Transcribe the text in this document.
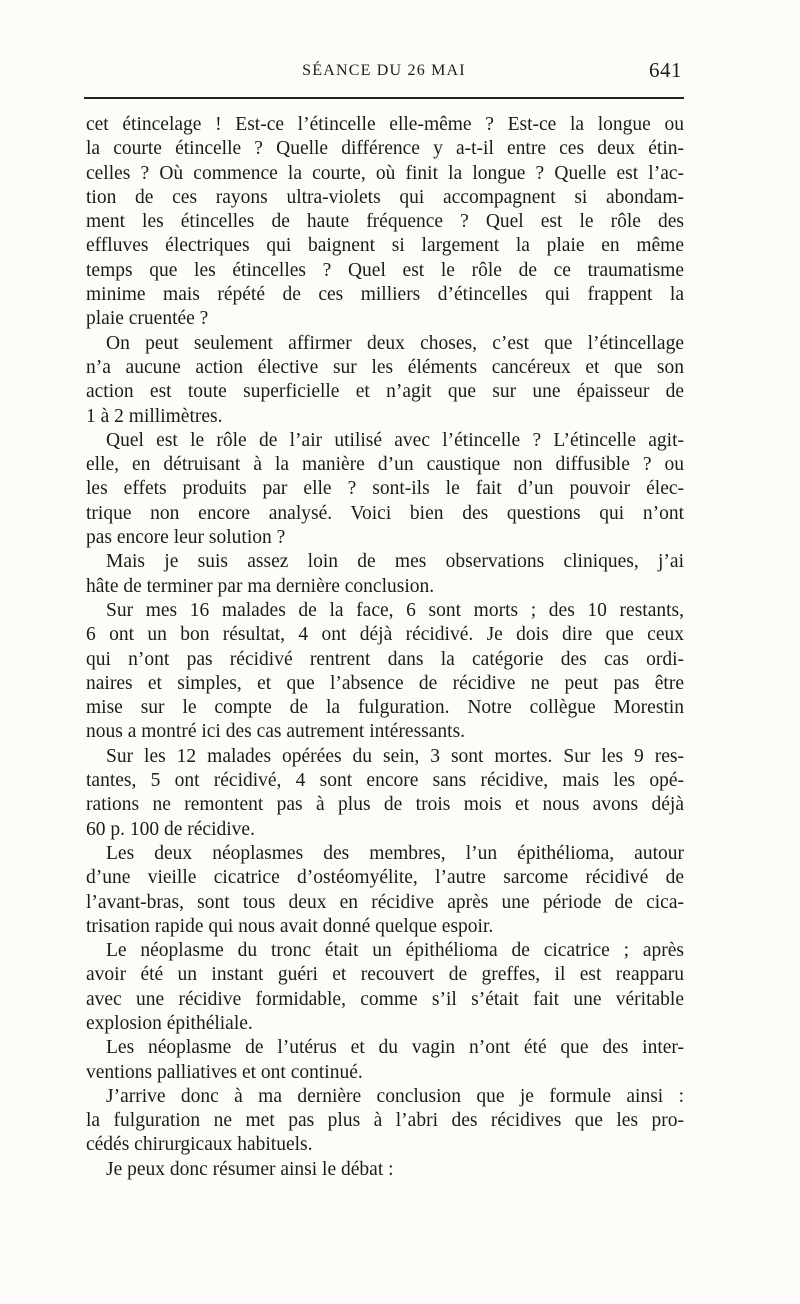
SÉANCE DU 26 MAI	641
cet étincelage ! Est-ce l’étincelle elle-même ? Est-ce la longue ou
la courte étincelle ? Quelle différence y a-t-il entre ces deux étin-
celles ? Où commence la courte, où finit la longue ? Quelle est l’ac-
tion de ces rayons ultra-violets qui accompagnent si abondam-
ment les étincelles de haute fréquence ? Quel est le rôle des
effluves électriques qui baignent si largement la plaie en même
temps que les étincelles ? Quel est le rôle de ce traumatisme
minime mais répété de ces milliers d’étincelles qui frappent la
plaie cruentée ?
On peut seulement affirmer deux choses, c’est que l’étincellage
n’a aucune action élective sur les éléments cancéreux et que son
action est toute superficielle et n’agit que sur une épaisseur de
1 à 2 millimètres.
Quel est le rôle de l’air utilisé avec l’étincelle ? L’étincelle agit-
elle, en détruisant à la manière d’un caustique non diffusible ? ou
les effets produits par elle ? sont-ils le fait d’un pouvoir élec-
trique non encore analysé. Voici bien des questions qui n’ont
pas encore leur solution ?
Mais je suis assez loin de mes observations cliniques, j’ai
hâte de terminer par ma dernière conclusion.
Sur mes 16 malades de la face, 6 sont morts ; des 10 restants,
6 ont un bon résultat, 4 ont déjà récidivé. Je dois dire que ceux
qui n’ont pas récidivé rentrent dans la catégorie des cas ordi-
naires et simples, et que l’absence de récidive ne peut pas être
mise sur le compte de la fulguration. Notre collègue Morestin
nous a montré ici des cas autrement intéressants.
Sur les 12 malades opérées du sein, 3 sont mortes. Sur les 9 res-
tantes, 5 ont récidivé, 4 sont encore sans récidive, mais les opé-
rations ne remontent pas à plus de trois mois et nous avons déjà
60 p. 100 de récidive.
Les deux néoplasmes des membres, l’un épithélioma, autour
d’une vieille cicatrice d’ostéomyélite, l’autre sarcome récidivé de
l’avant-bras, sont tous deux en récidive après une période de cica-
trisation rapide qui nous avait donné quelque espoir.
Le néoplasme du tronc était un épithélioma de cicatrice ; après
avoir été un instant guéri et recouvert de greffes, il est reapparu
avec une récidive formidable, comme s’il s’était fait une véritable
explosion épithéliale.
Les néoplasme de l’utérus et du vagin n’ont été que des inter-
ventions palliatives et ont continué.
J’arrive donc à ma dernière conclusion que je formule ainsi :
la fulguration ne met pas plus à l’abri des récidives que les pro-
cédés chirurgicaux habituels.
Je peux donc résumer ainsi le débat :
